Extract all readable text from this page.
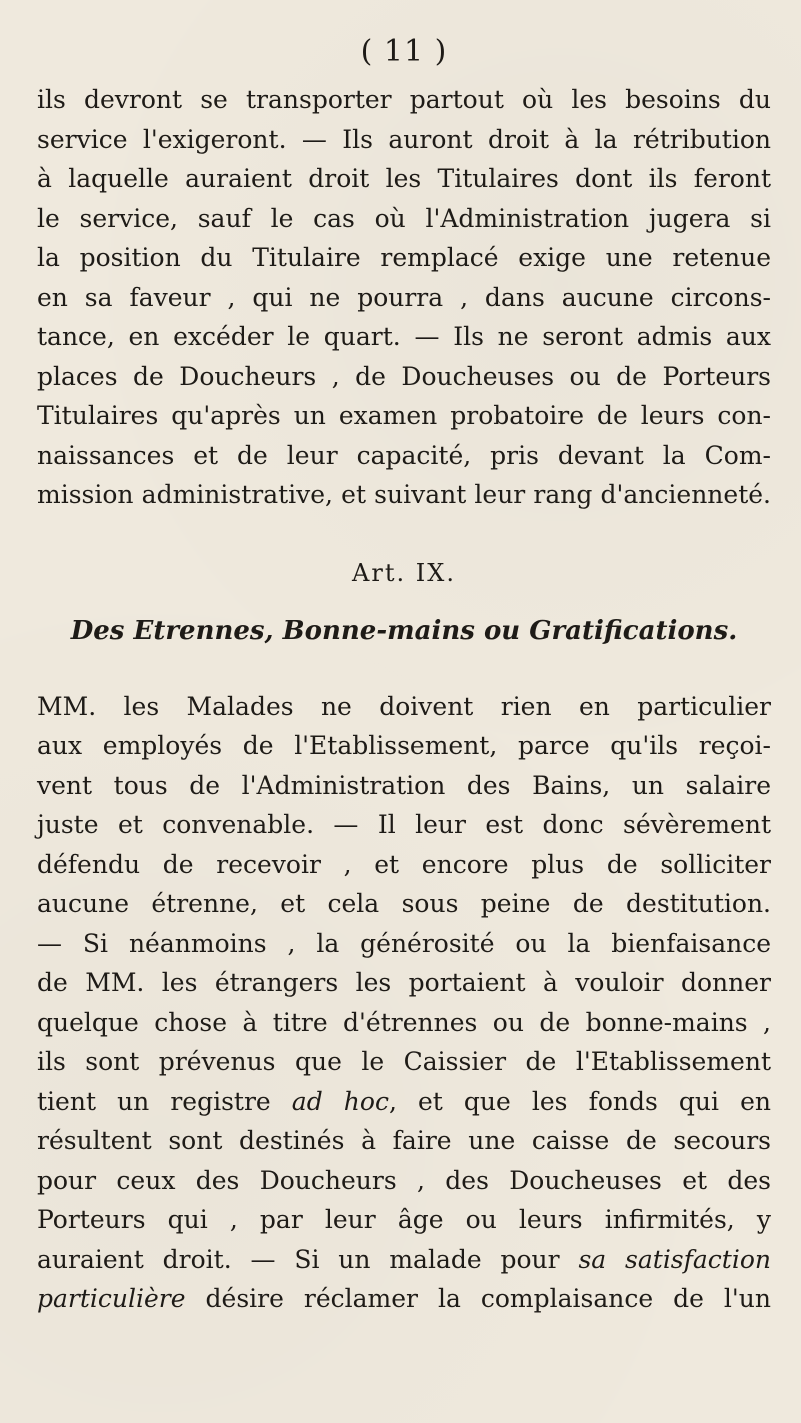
( 11 )

ils devront se transporter partout où les besoins du
service l'exigeront. — Ils auront droit à la rétribution
à laquelle auraient droit les Titulaires dont ils feront
le service, sauf le cas où l'Administration jugera si
la position du Titulaire remplacé exige une retenue
en sa faveur , qui ne pourra , dans aucune circons-
tance, en excéder le quart. — Ils ne seront admis aux
places de Doucheurs , de Doucheuses ou de Porteurs
Titulaires qu'après un examen probatoire de leurs con-
naissances et de leur capacité, pris devant la Com-
mission administrative, et suivant leur rang d'ancienneté.

Art. IX.
Des Etrennes, Bonne-mains ou Gratifications.

MM. les Malades ne doivent rien en particulier
aux employés de l'Etablissement, parce qu'ils reçoi-
vent tous de l'Administration des Bains, un salaire
juste et convenable. — Il leur est donc sévèrement
défendu de recevoir , et encore plus de solliciter
aucune étrenne, et cela sous peine de destitution.
— Si néanmoins , la générosité ou la bienfaisance
de MM. les étrangers les portaient à vouloir donner
quelque chose à titre d'étrennes ou de bonne-mains ,
ils sont prévenus que le Caissier de l'Etablissement
tient un registre ad hoc, et que les fonds qui en
résultent sont destinés à faire une caisse de secours
pour ceux des Doucheurs , des Doucheuses et des
Porteurs qui , par leur âge ou leurs infirmités, y
auraient droit. — Si un malade pour sa satisfaction
particulière désire réclamer la complaisance de l'un
